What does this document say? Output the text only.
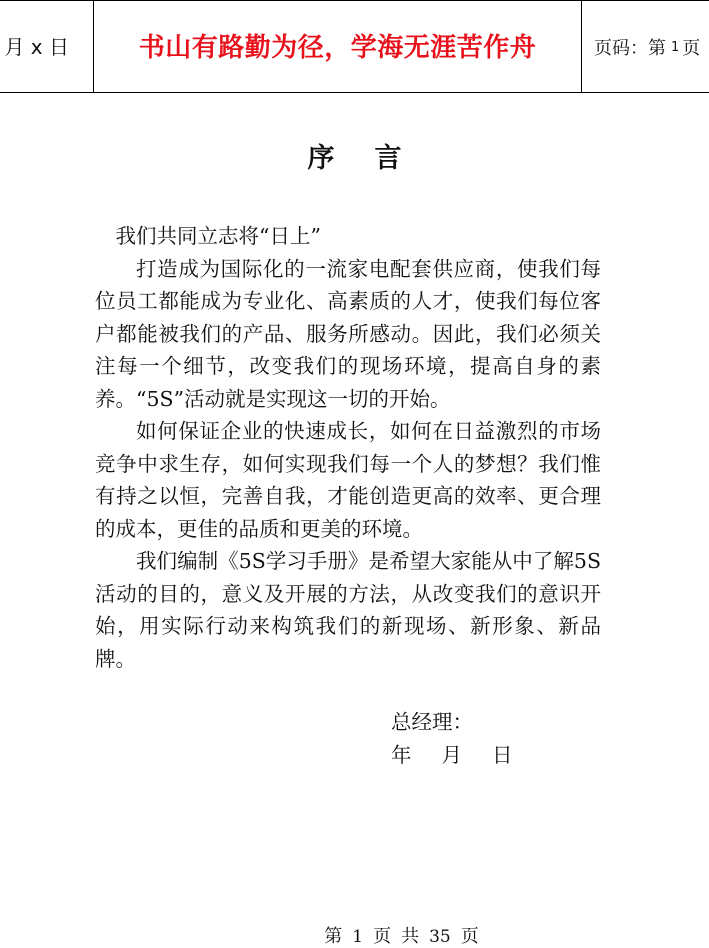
月 x 日	书山有路勤为径，学海无涯苦作舟	页码：第 1 页
序言

我们共同立志将“日上”

打造成为国际化的一流家电配套供应商，使我们每位员工都能成为专业化、高素质的人才，使我们每位客户都能被我们的产品、服务所感动。因此，我们必须关注每一个细节，改变我们的现场环境，提高自身的素养。“5S”活动就是实现这一切的开始。

如何保证企业的快速成长，如何在日益激烈的市场竞争中求生存，如何实现我们每一个人的梦想？我们惟有持之以恒，完善自我，才能创造更高的效率、更合理的成本，更佳的品质和更美的环境。

我们编制《5S学习手册》是希望大家能从中了解5S活动的目的，意义及开展的方法，从改变我们的意识开始，用实际行动来构筑我们的新现场、新形象、新品牌。

总经理：
年 月 日
第 1 页 共 35 页
